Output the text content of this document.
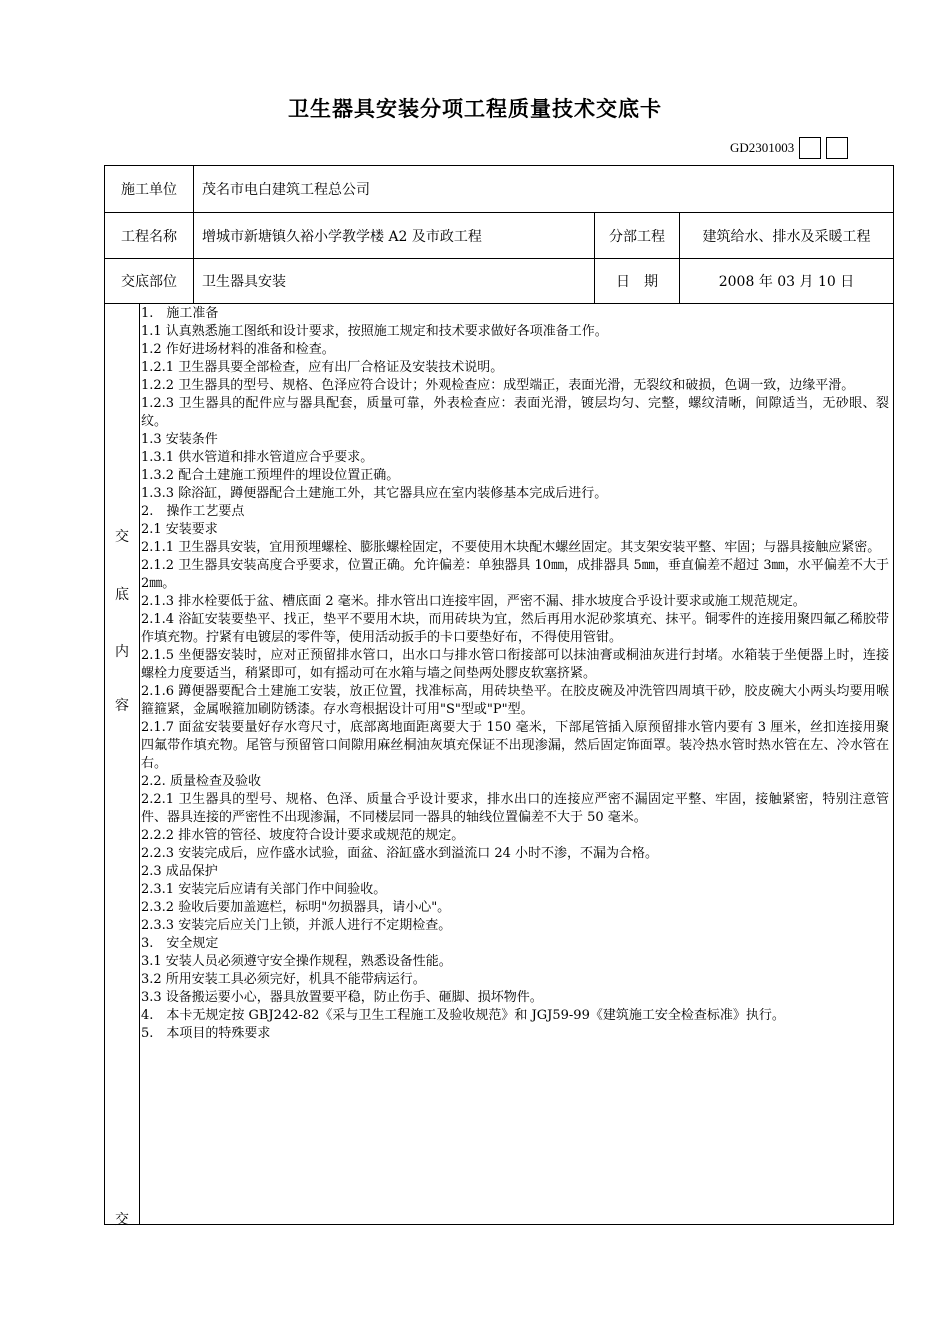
卫生器具安装分项工程质量技术交底卡
GD2301003
施工单位	茂名市电白建筑工程总公司
工程名称	增城市新塘镇久裕小学教学楼 A2 及市政工程	分部工程	建筑给水、排水及采暖工程
交底部位	卫生器具安装	日　期	2008 年 03 月 10 日
交
底
内
容
交
1.　施工准备
1.1 认真熟悉施工图纸和设计要求，按照施工规定和技术要求做好各项准备工作。
1.2 作好进场材料的准备和检查。
1.2.1 卫生器具要全部检查，应有出厂合格证及安装技术说明。
1.2.2 卫生器具的型号、规格、色泽应符合设计；外观检查应：成型端正，表面光滑，无裂纹和破损，色调一致，边缘平滑。
1.2.3 卫生器具的配件应与器具配套，质量可靠，外表检查应：表面光滑，镀层均匀、完整，螺纹清晰，间隙适当，无砂眼、裂纹。
1.3 安装条件
1.3.1 供水管道和排水管道应合乎要求。
1.3.2 配合土建施工预埋件的埋设位置正确。
1.3.3 除浴缸，蹲便器配合土建施工外，其它器具应在室内装修基本完成后进行。
2.　操作工艺要点
2.1 安装要求
2.1.1 卫生器具安装，宜用预埋螺栓、膨胀螺栓固定，不要使用木块配木螺丝固定。其支架安装平整、牢固；与器具接触应紧密。
2.1.2 卫生器具安装高度合乎要求，位置正确。允许偏差：单独器具 10㎜，成排器具 5㎜，垂直偏差不超过 3㎜，水平偏差不大于 2㎜。
2.1.3 排水栓要低于盆、槽底面 2 毫米。排水管出口连接牢固，严密不漏、排水坡度合乎设计要求或施工规范规定。
2.1.4 浴缸安装要垫平、找正，垫平不要用木块，而用砖块为宜，然后再用水泥砂浆填充、抹平。铜零件的连接用聚四氟乙稀胶带作填充物。拧紧有电镀层的零件等，使用活动扳手的卡口要垫好布，不得使用管钳。
2.1.5 坐便器安装时，应对正预留排水管口，出水口与排水管口衔接部可以抹油膏或桐油灰进行封堵。水箱装于坐便器上时，连接螺栓力度要适当，稍紧即可，如有摇动可在水箱与墙之间垫两处膠皮软塞挤紧。
2.1.6 蹲便器要配合土建施工安装，放正位置，找准标高，用砖块垫平。在胶皮碗及冲洗管四周填干砂，胶皮碗大小两头均要用喉箍箍紧，金属喉箍加刷防锈漆。存水弯根据设计可用"S"型或"P"型。
2.1.7 面盆安装要量好存水弯尺寸，底部离地面距离要大于 150 毫米，下部尾管插入原预留排水管内要有 3 厘米，丝扣连接用聚四氟带作填充物。尾管与预留管口间隙用麻丝桐油灰填充保证不出现渗漏，然后固定饰面罩。装冷热水管时热水管在左、冷水管在右。
2.2. 质量检查及验收
2.2.1 卫生器具的型号、规格、色泽、质量合乎设计要求，排水出口的连接应严密不漏固定平整、牢固，接触紧密，特别注意管件、器具连接的严密性不出现渗漏，不同楼层同一器具的轴线位置偏差不大于 50 毫米。
2.2.2 排水管的管径、坡度符合设计要求或规范的规定。
2.2.3 安装完成后，应作盛水试验，面盆、浴缸盛水到溢流口 24 小时不渗，不漏为合格。
2.3 成品保护
2.3.1 安装完后应请有关部门作中间验收。
2.3.2 验收后要加盖遮栏，标明"勿损器具，请小心"。
2.3.3 安装完后应关门上锁，并派人进行不定期检查。
3.　安全规定
3.1 安装人员必须遵守安全操作规程，熟悉设备性能。
3.2 所用安装工具必须完好，机具不能带病运行。
3.3 设备搬运要小心，器具放置要平稳，防止伤手、砸脚、损坏物件。
4.　本卡无规定按 GBJ242-82《采与卫生工程施工及验收规范》和 JGJ59-99《建筑施工安全检查标准》执行。
5.　本项目的特殊要求
